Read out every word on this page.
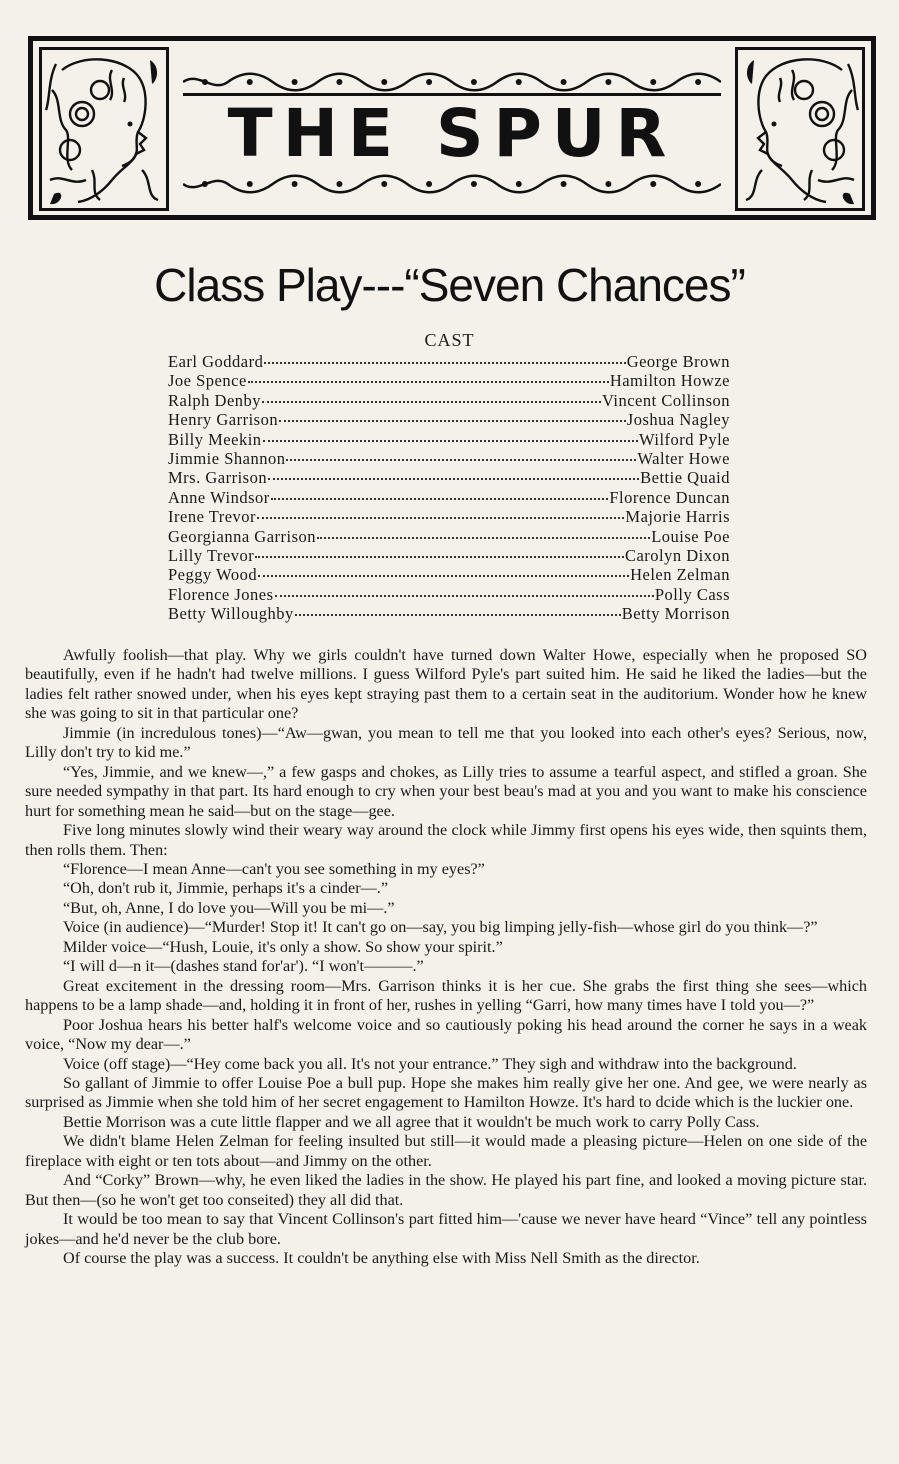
THE SPUR
Class Play---“Seven Chances”
CAST
Earl Goddard	George Brown
Joe Spence	Hamilton Howze
Ralph Denby	Vincent Collinson
Henry Garrison	Joshua Nagley
Billy Meekin	Wilford Pyle
Jimmie Shannon	Walter Howe
Mrs. Garrison	Bettie Quaid
Anne Windsor	Florence Duncan
Irene Trevor	Majorie Harris
Georgianna Garrison	Louise Poe
Lilly Trevor	Carolyn Dixon
Peggy Wood	Helen Zelman
Florence Jones	Polly Cass
Betty Willoughby	Betty Morrison

Awfully foolish—that play. Why we girls couldn't have turned down Walter Howe, especially when he proposed SO beautifully, even if he hadn't had twelve millions. I guess Wilford Pyle's part suited him. He said he liked the ladies—but the ladies felt rather snowed under, when his eyes kept straying past them to a certain seat in the auditorium. Wonder how he knew she was going to sit in that particular one?

Jimmie (in incredulous tones)—“Aw—gwan, you mean to tell me that you looked into each other's eyes? Serious, now, Lilly don't try to kid me.”

“Yes, Jimmie, and we knew—,” a few gasps and chokes, as Lilly tries to assume a tearful aspect, and stifled a groan. She sure needed sympathy in that part. Its hard enough to cry when your best beau's mad at you and you want to make his conscience hurt for something mean he said—but on the stage—gee.

Five long minutes slowly wind their weary way around the clock while Jimmy first opens his eyes wide, then squints them, then rolls them. Then:

“Florence—I mean Anne—can't you see something in my eyes?”

“Oh, don't rub it, Jimmie, perhaps it's a cinder—.”

“But, oh, Anne, I do love you—Will you be mi—.”

Voice (in audience)—“Murder! Stop it! It can't go on—say, you big limping jelly-fish—whose girl do you think—?”

Milder voice—“Hush, Louie, it's only a show. So show your spirit.”

“I will d—n it—(dashes stand for'ar'). “I won't———.”

Great excitement in the dressing room—Mrs. Garrison thinks it is her cue. She grabs the first thing she sees—which happens to be a lamp shade—and, holding it in front of her, rushes in yelling “Garri, how many times have I told you—?”

Poor Joshua hears his better half's welcome voice and so cautiously poking his head around the corner he says in a weak voice, “Now my dear—.”

Voice (off stage)—“Hey come back you all. It's not your entrance.” They sigh and withdraw into the background.

So gallant of Jimmie to offer Louise Poe a bull pup. Hope she makes him really give her one. And gee, we were nearly as surprised as Jimmie when she told him of her secret engagement to Hamilton Howze. It's hard to dcide which is the luckier one.

Bettie Morrison was a cute little flapper and we all agree that it wouldn't be much work to carry Polly Cass.

We didn't blame Helen Zelman for feeling insulted but still—it would made a pleasing picture—Helen on one side of the fireplace with eight or ten tots about—and Jimmy on the other.

And “Corky” Brown—why, he even liked the ladies in the show. He played his part fine, and looked a moving picture star. But then—(so he won't get too conseited) they all did that.

It would be too mean to say that Vincent Collinson's part fitted him—'cause we never have heard “Vince” tell any pointless jokes—and he'd never be the club bore.

Of course the play was a success. It couldn't be anything else with Miss Nell Smith as the director.
